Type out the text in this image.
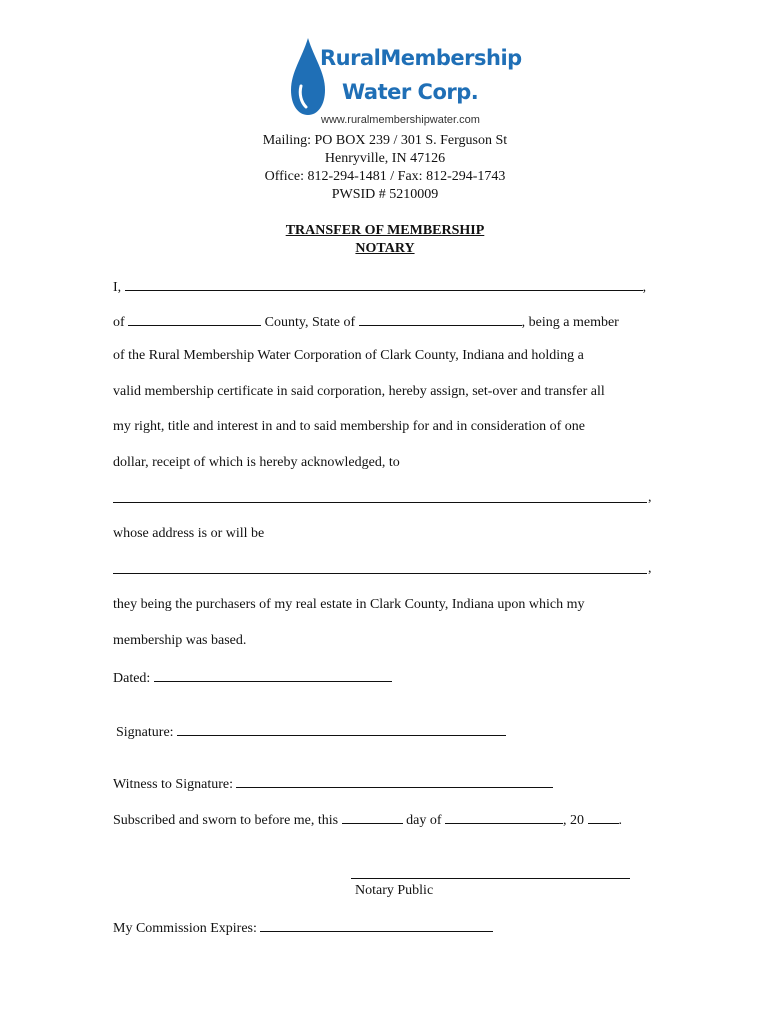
RuralMembership
Water Corp.
www.ruralmembershipwater.com
Mailing: PO BOX 239 / 301 S. Ferguson St
Henryville, IN 47126
Office: 812-294-1481 / Fax: 812-294-1743
PWSID # 5210009
TRANSFER OF MEMBERSHIP
NOTARY
I,	,
of	County, State of	, being a member
of the Rural Membership Water Corporation of Clark County, Indiana and holding a
valid membership certificate in said corporation, hereby assign, set-over and transfer all
my right, title and interest in and to said membership for and in consideration of one
dollar, receipt of which is hereby acknowledged, to
,
whose address is or will be
,
they being the purchasers of my real estate in Clark County, Indiana upon which my
membership was based.
Dated:
Signature:
Witness to Signature:
Subscribed and sworn to before me, this	day of	, 20 .
Notary Public
My Commission Expires:
